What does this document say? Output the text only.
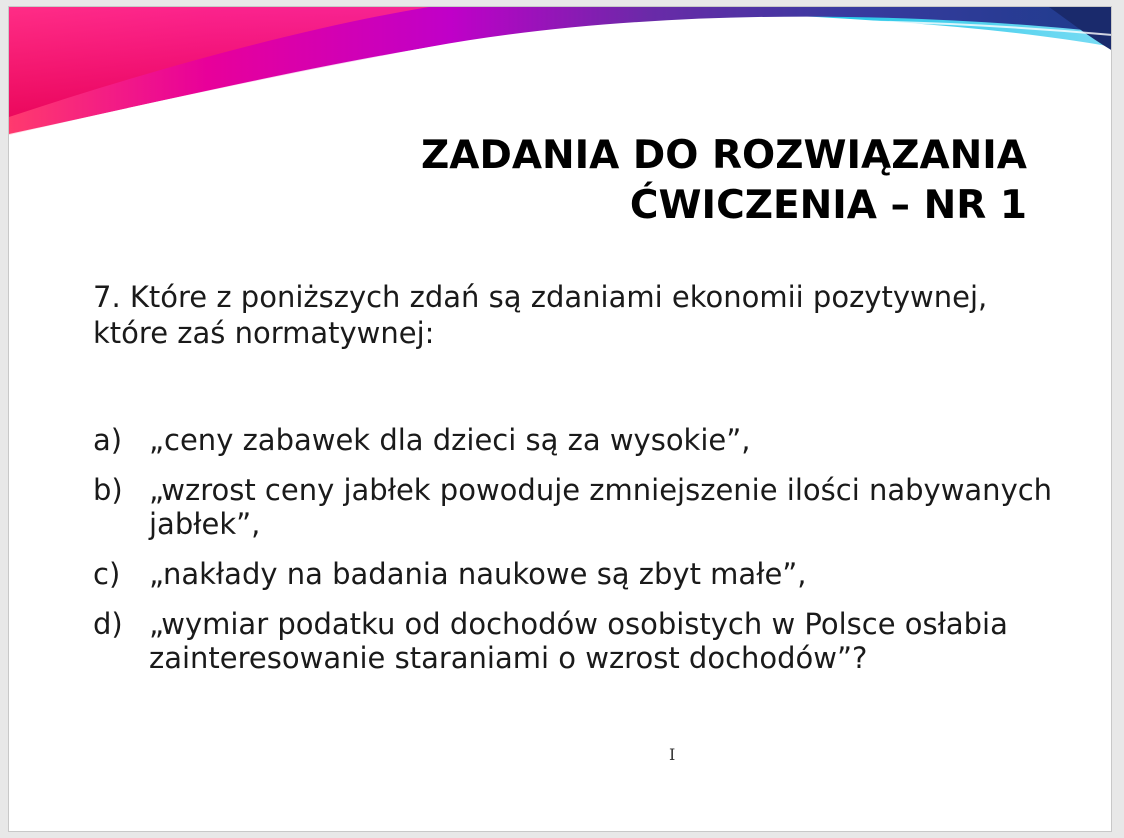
ZADANIA DO ROZWIĄZANIA
ĆWICZENIA – NR 1

7. Które z poniższych zdań są zdaniami ekonomii pozytywnej, które zaś normatywnej:

a) „ceny zabawek dla dzieci są za wysokie”,
b) „wzrost ceny jabłek powoduje zmniejszenie ilości nabywanych jabłek”,
c) „nakłady na badania naukowe są zbyt małe”,
d) „wymiar podatku od dochodów osobistych w Polsce osłabia zainteresowanie staraniami o wzrost dochodów”?
I
